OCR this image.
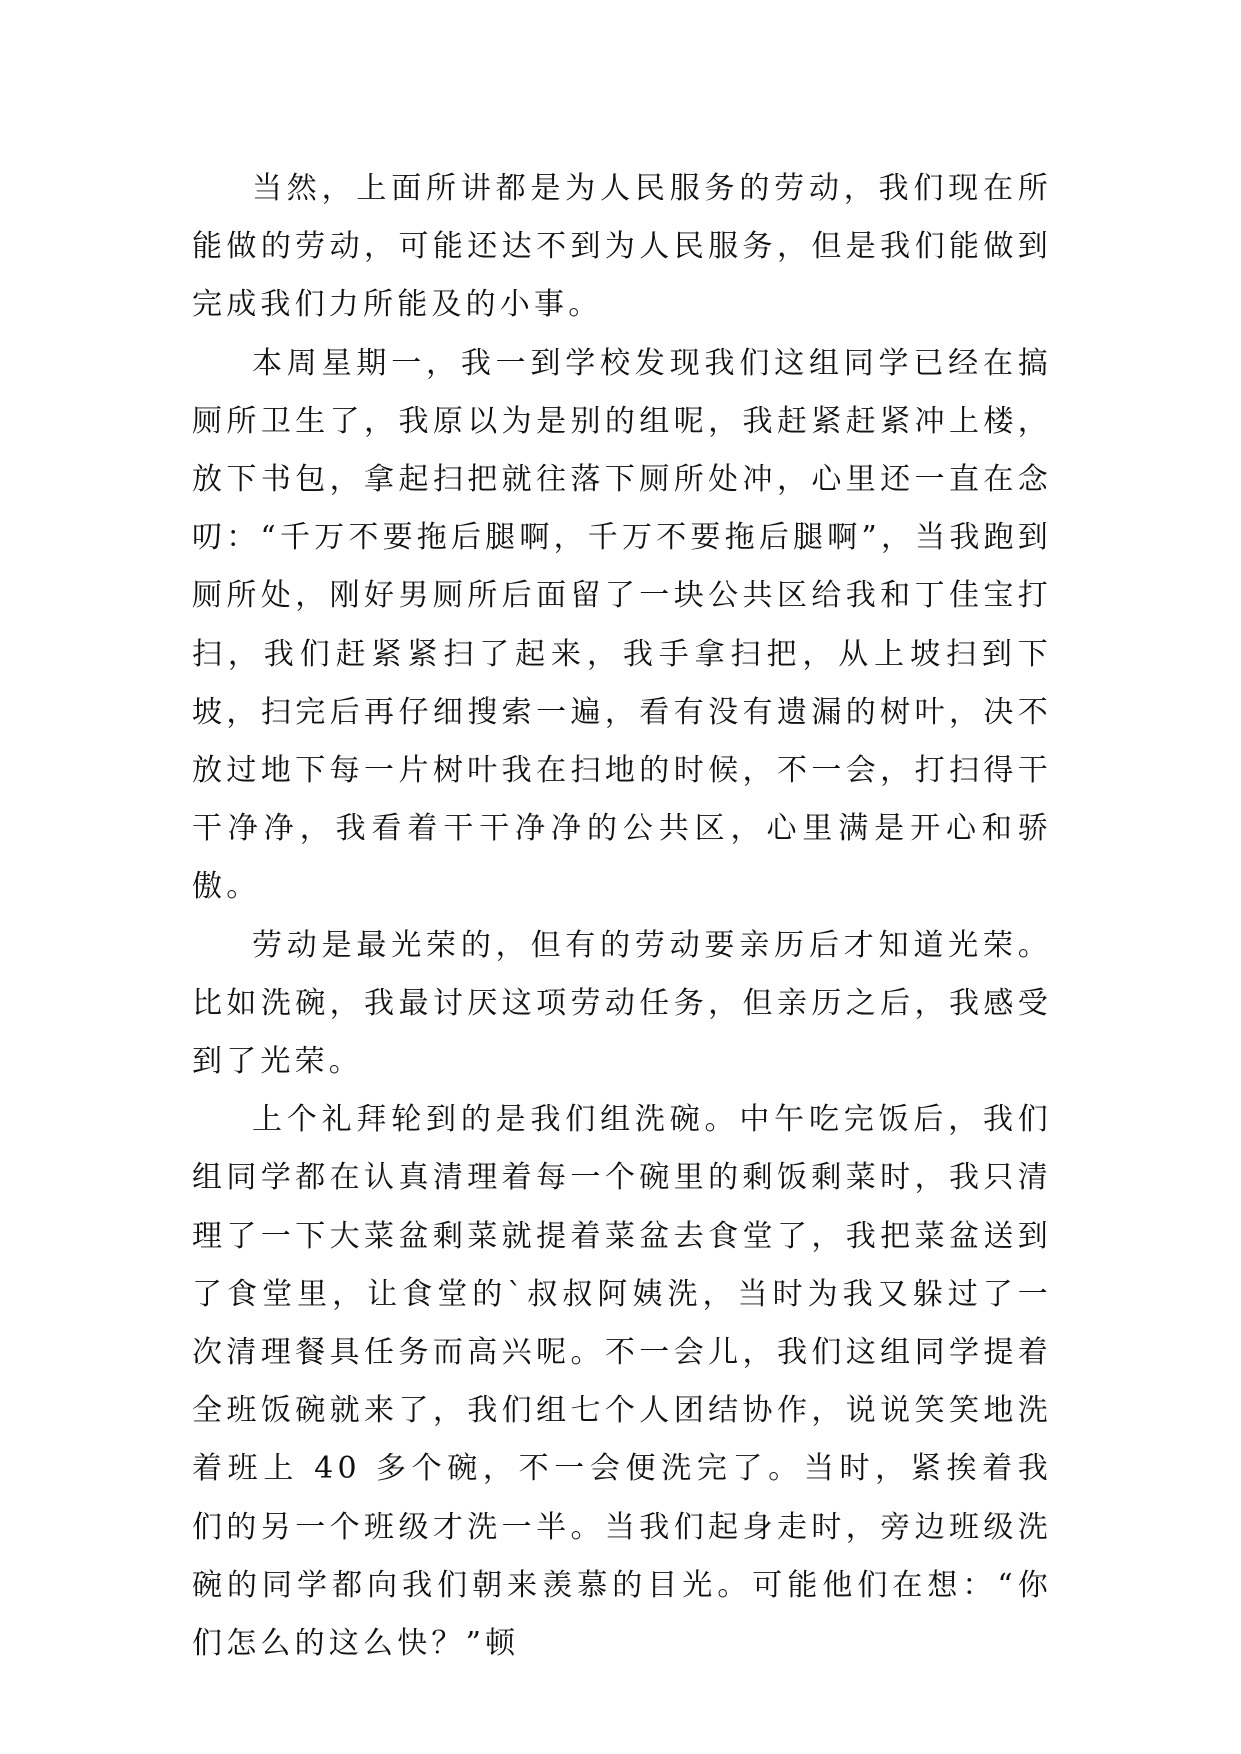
当然，上面所讲都是为人民服务的劳动，我们现在所能做的劳动，可能还达不到为人民服务，但是我们能做到完成我们力所能及的小事。

本周星期一，我一到学校发现我们这组同学已经在搞厕所卫生了，我原以为是别的组呢，我赶紧赶紧冲上楼，放下书包，拿起扫把就往落下厕所处冲，心里还一直在念叨：“千万不要拖后腿啊，千万不要拖后腿啊”，当我跑到厕所处，刚好男厕所后面留了一块公共区给我和丁佳宝打扫，我们赶紧紧扫了起来，我手拿扫把，从上坡扫到下坡，扫完后再仔细搜索一遍，看有没有遗漏的树叶，决不放过地下每一片树叶我在扫地的时候，不一会，打扫得干干净净，我看着干干净净的公共区，心里满是开心和骄傲。

劳动是最光荣的，但有的劳动要亲历后才知道光荣。比如洗碗，我最讨厌这项劳动任务，但亲历之后，我感受到了光荣。

上个礼拜轮到的是我们组洗碗。中午吃完饭后，我们组同学都在认真清理着每一个碗里的剩饭剩菜时，我只清理了一下大菜盆剩菜就提着菜盆去食堂了，我把菜盆送到了食堂里，让食堂的`叔叔阿姨洗，当时为我又躲过了一次清理餐具任务而高兴呢。不一会儿，我们这组同学提着全班饭碗就来了，我们组七个人团结协作，说说笑笑地洗着班上 40 多个碗，不一会便洗完了。当时，紧挨着我们的另一个班级才洗一半。当我们起身走时，旁边班级洗碗的同学都向我们朝来羡慕的目光。可能他们在想：“你们怎么的这么快？”顿
